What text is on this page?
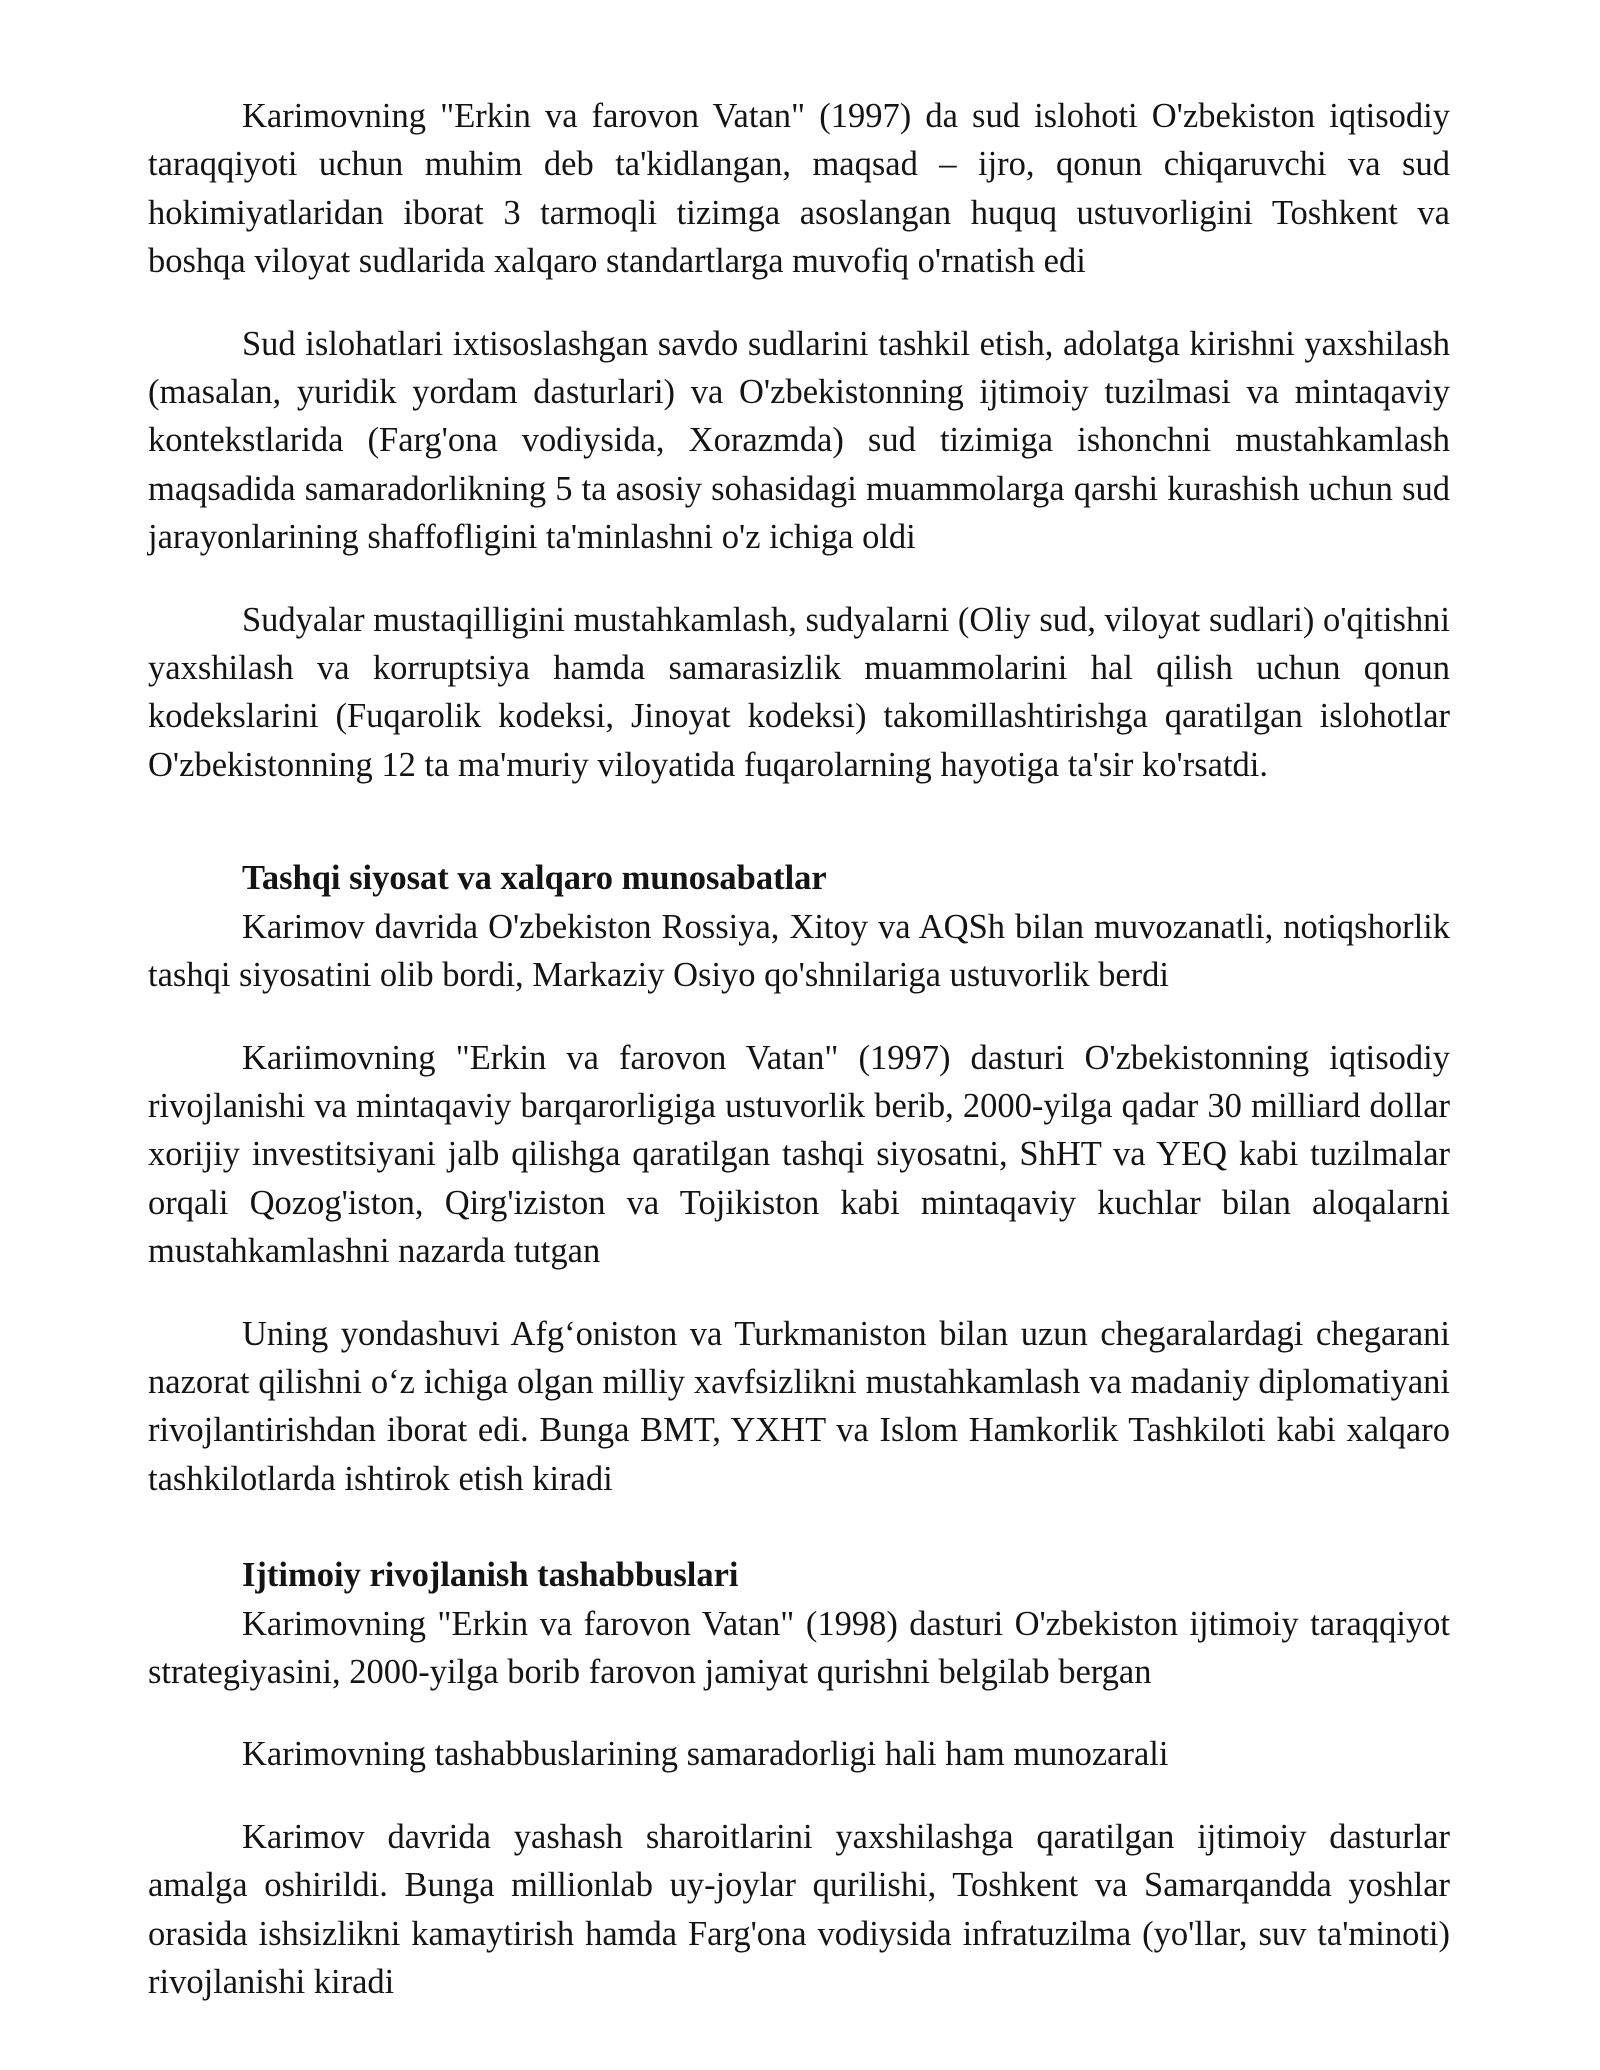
Karimovning "Erkin va farovon Vatan" (1997) da sud islohoti O'zbekiston iqtisodiy taraqqiyoti uchun muhim deb ta'kidlangan, maqsad – ijro, qonun chiqaruvchi va sud hokimiyatlaridan iborat 3 tarmoqli tizimga asoslangan huquq ustuvorligini Toshkent va boshqa viloyat sudlarida xalqaro standartlarga muvofiq o'rnatish edi

Sud islohatlari ixtisoslashgan savdo sudlarini tashkil etish, adolatga kirishni yaxshilash (masalan, yuridik yordam dasturlari) va O'zbekistonning ijtimoiy tuzilmasi va mintaqaviy kontekstlarida (Farg'ona vodiysida, Xorazmda) sud tizimiga ishonchni mustahkamlash maqsadida samaradorlikning 5 ta asosiy sohasidagi muammolarga qarshi kurashish uchun sud jarayonlarining shaffofligini ta'minlashni o'z ichiga oldi

Sudyalar mustaqilligini mustahkamlash, sudyalarni (Oliy sud, viloyat sudlari) o'qitishni yaxshilash va korruptsiya hamda samarasizlik muammolarini hal qilish uchun qonun kodekslarini (Fuqarolik kodeksi, Jinoyat kodeksi) takomillashtirishga qaratilgan islohotlar O'zbekistonning 12 ta ma'muriy viloyatida fuqarolarning hayotiga ta'sir ko'rsatdi.

Tashqi siyosat va xalqaro munosabatlar

Karimov davrida O'zbekiston Rossiya, Xitoy va AQSh bilan muvozanatli, notiqshorlik tashqi siyosatini olib bordi, Markaziy Osiyo qo'shnilariga ustuvorlik berdi

Kariimovning "Erkin va farovon Vatan" (1997) dasturi O'zbekistonning iqtisodiy rivojlanishi va mintaqaviy barqarorligiga ustuvorlik berib, 2000-yilga qadar 30 milliard dollar xorijiy investitsiyani jalb qilishga qaratilgan tashqi siyosatni, ShHT va YEQ kabi tuzilmalar orqali Qozog'iston, Qirg'iziston va Tojikiston kabi mintaqaviy kuchlar bilan aloqalarni mustahkamlashni nazarda tutgan

Uning yondashuvi Afg‘oniston va Turkmaniston bilan uzun chegaralardagi chegarani nazorat qilishni o‘z ichiga olgan milliy xavfsizlikni mustahkamlash va madaniy diplomatiyani rivojlantirishdan iborat edi. Bunga BMT, YXHT va Islom Hamkorlik Tashkiloti kabi xalqaro tashkilotlarda ishtirok etish kiradi

Ijtimoiy rivojlanish tashabbuslari

Karimovning "Erkin va farovon Vatan" (1998) dasturi O'zbekiston ijtimoiy taraqqiyot strategiyasini, 2000-yilga borib farovon jamiyat qurishni belgilab bergan

Karimovning tashabbuslarining samaradorligi hali ham munozarali

Karimov davrida yashash sharoitlarini yaxshilashga qaratilgan ijtimoiy dasturlar amalga oshirildi. Bunga millionlab uy-joylar qurilishi, Toshkent va Samarqandda yoshlar orasida ishsizlikni kamaytirish hamda Farg'ona vodiysida infratuzilma (yo'llar, suv ta'minoti) rivojlanishi kiradi
